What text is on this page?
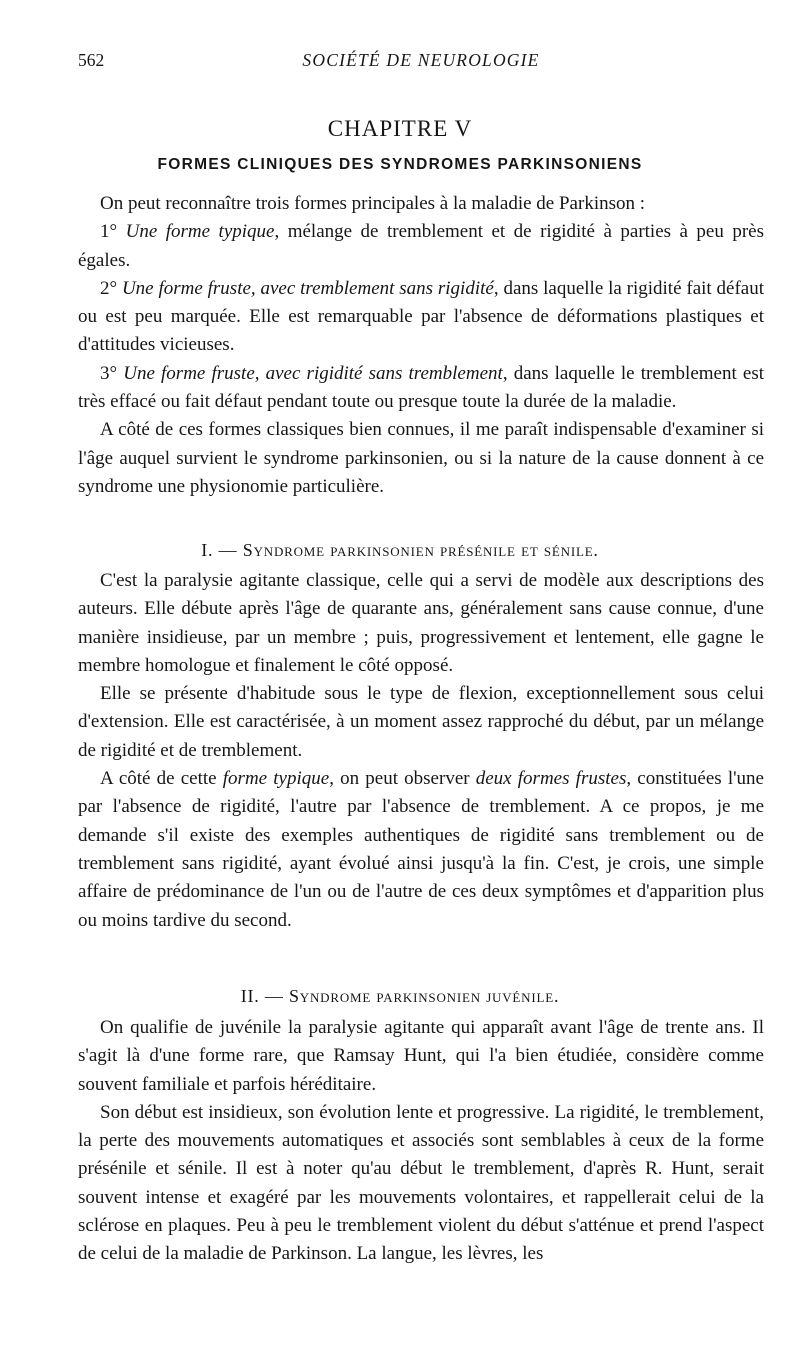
562	SOCIÉTÉ DE NEUROLOGIE
CHAPITRE V
FORMES CLINIQUES DES SYNDROMES PARKINSONIENS

On peut reconnaître trois formes principales à la maladie de Parkinson :

1° Une forme typique, mélange de tremblement et de rigidité à parties à peu près égales.

2° Une forme fruste, avec tremblement sans rigidité, dans laquelle la rigidité fait défaut ou est peu marquée. Elle est remarquable par l'absence de déformations plastiques et d'attitudes vicieuses.

3° Une forme fruste, avec rigidité sans tremblement, dans laquelle le tremblement est très effacé ou fait défaut pendant toute ou presque toute la durée de la maladie.

A côté de ces formes classiques bien connues, il me paraît indispensable d'examiner si l'âge auquel survient le syndrome parkinsonien, ou si la nature de la cause donnent à ce syndrome une physionomie particulière.

I. — Syndrome parkinsonien présénile et sénile.

C'est la paralysie agitante classique, celle qui a servi de modèle aux descriptions des auteurs. Elle débute après l'âge de quarante ans, généralement sans cause connue, d'une manière insidieuse, par un membre ; puis, progressivement et lentement, elle gagne le membre homologue et finalement le côté opposé.

Elle se présente d'habitude sous le type de flexion, exceptionnellement sous celui d'extension. Elle est caractérisée, à un moment assez rapproché du début, par un mélange de rigidité et de tremblement.

A côté de cette forme typique, on peut observer deux formes frustes, constituées l'une par l'absence de rigidité, l'autre par l'absence de tremblement. A ce propos, je me demande s'il existe des exemples authentiques de rigidité sans tremblement ou de tremblement sans rigidité, ayant évolué ainsi jusqu'à la fin. C'est, je crois, une simple affaire de prédominance de l'un ou de l'autre de ces deux symptômes et d'apparition plus ou moins tardive du second.

II. — Syndrome parkinsonien juvénile.

On qualifie de juvénile la paralysie agitante qui apparaît avant l'âge de trente ans. Il s'agit là d'une forme rare, que Ramsay Hunt, qui l'a bien étudiée, considère comme souvent familiale et parfois héréditaire.

Son début est insidieux, son évolution lente et progressive. La rigidité, le tremblement, la perte des mouvements automatiques et associés sont semblables à ceux de la forme présénile et sénile. Il est à noter qu'au début le tremblement, d'après R. Hunt, serait souvent intense et exagéré par les mouvements volontaires, et rappellerait celui de la sclérose en plaques. Peu à peu le tremblement violent du début s'atténue et prend l'aspect de celui de la maladie de Parkinson. La langue, les lèvres, les
